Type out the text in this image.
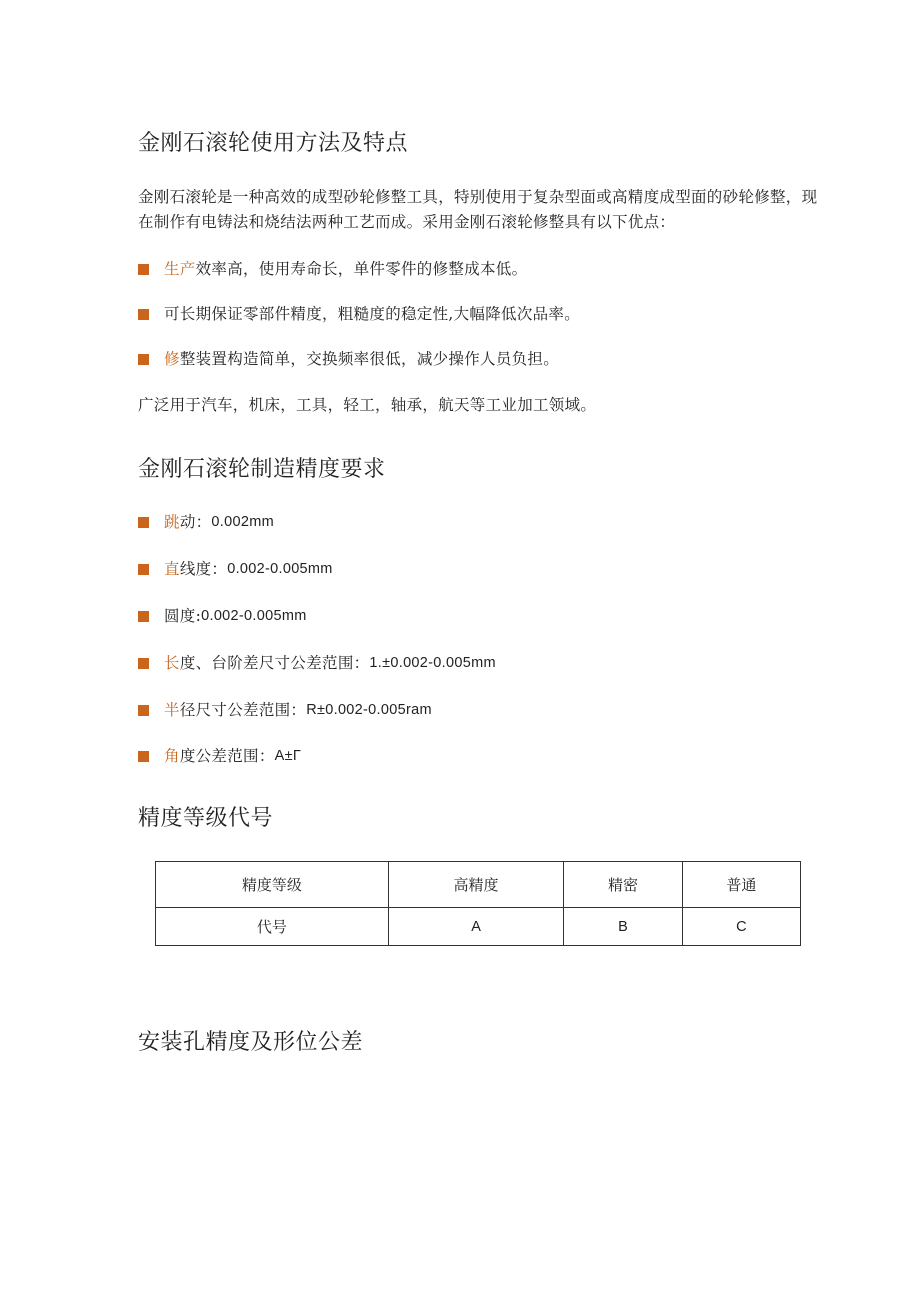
金刚石滚轮使用方法及特点

金刚石滚轮是一种高效的成型砂轮修整工具，特别使用于复杂型面或高精度成型面的砂轮修整，现在制作有电铸法和烧结法两种工艺而成。采用金刚石滚轮修整具有以下优点：

生产 效率高，使用寿命长，单件零件的修整成本低。
可长期保证零部件精度，粗糙度的稳定性,大幅降低次品率。
修 整装置构造简单，交换频率很低，减少操作人员负担。

广泛用于汽车，机床，工具，轻工，轴承，航天等工业加工领域。

金刚石滚轮制造精度要求
跳 动： 0.002mm
直 线度： 0.002-0.005mm
圆度: 0.002-0.005mm
长 度、台阶差尺寸公差范围： 1.±0.002-0.005mm
半 径尺寸公差范围： R±0.002-0.005ram
角 度公差范围： A±Γ
精度等级代号
精度等级	高精度	精密	普通
代号	A	B	C
安装孔精度及形位公差
